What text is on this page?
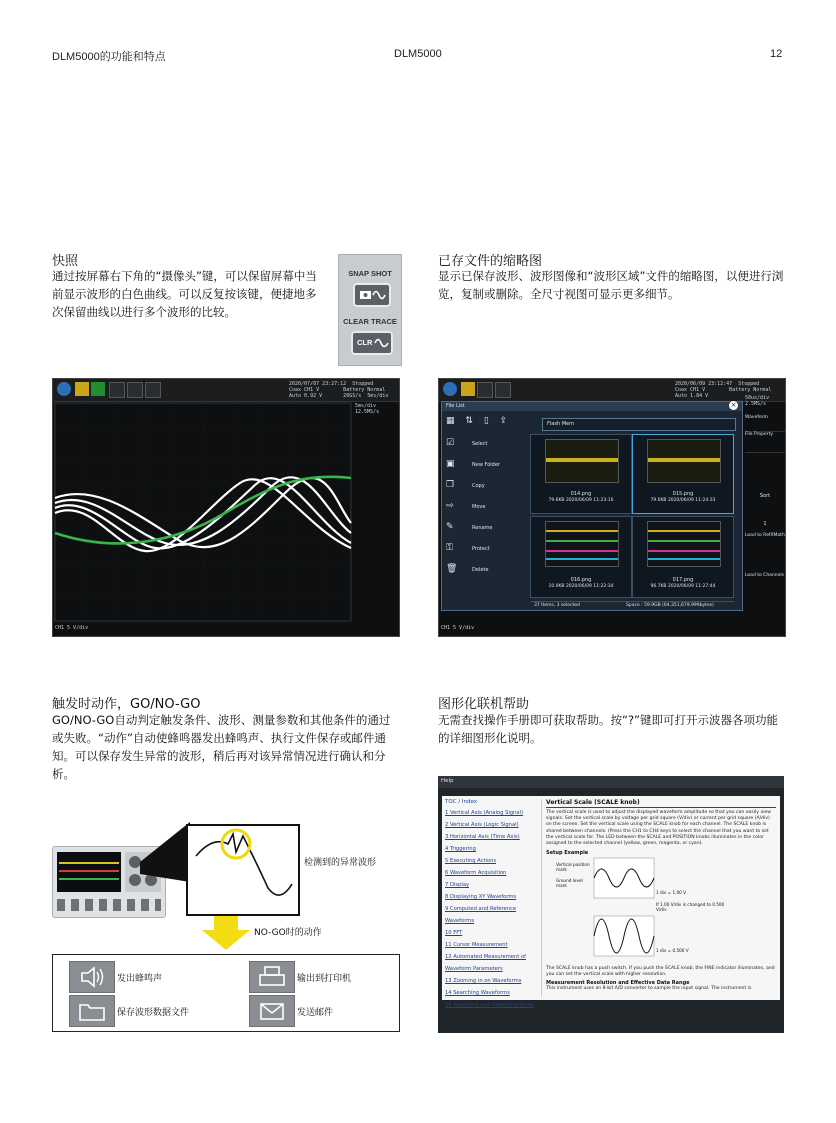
DLM5000的功能和特点	DLM5000	12
快照
通过按屏幕右下角的“摄像头”键，可以保留屏幕中当前显示波形的白色曲线。可以反复按该键，便捷地多次保留曲线以进行多个波形的比较。
SNAP SHOT
CLEAR TRACE
CLR
2020/07/07 23:27:12  Stopped
Coax CH1 V        Battery Normal
Auto 0.92 V       20GS/s  5ms/div
5ms/div
12.5MS/s
CH1 5 V/div
已存文件的缩略图
显示已保存波形、波形图像和“波形区域”文件的缩略图，以便进行浏览，复制或删除。全尺寸视图可显示更多细节。
2020/06/09 23:12:47  Stopped
Coax CH1 V        Battery Normal
Auto 1.84 V	50us/div
2.5MS/s
File List	×
▦ ⇅ ▯ ⇪	Flash Mem
☑	Select
▣	New Folder
❐	Copy
⇨	Move
✎	Rename
⚿	Protect
🗑	Delete
014.png
79.6KB 2020/06/09 11:23:16
015.png
79.6KB 2020/06/09 11:24:33
016.png
10.0KB 2020/06/09 11:22:34
017.png
96.7KB 2020/06/09 11:27:44
37 Items, 3 selected	Space : 59.9GB (64,351,679,999bytes)
Waveform
File Property
Sort
1
Load to RefXMath
Load to Channels
CH1 5 V/div
触发时动作，GO/NO-GO
GO/NO-GO自动判定触发条件、波形、测量参数和其他条件的通过或失败。“动作”自动使蜂鸣器发出蜂鸣声、执行文件保存或邮件通知。可以保存发生异常的波形，稍后再对该异常情况进行确认和分析。
检测到的异常波形
NO-GO时的动作
发出蜂鸣声	输出到打印机
保存波形数据文件	发送邮件
图形化联机帮助
无需查找操作手册即可获取帮助。按“?”键即可打开示波器各项功能的详细图形化说明。
Help
TOC / Index
1 Vertical Axis (Analog Signal)
2 Vertical Axis (Logic Signal)
3 Horizontal Axis (Time Axis)
4 Triggering
5 Executing Actions
6 Waveform Acquisition
7 Display
8 Displaying XY Waveforms
9 Computed and Reference Waveforms
10 FFT
11 Cursor Measurement
12 Automated Measurement of Waveform Parameters
13 Zooming in on Waveforms
14 Searching Waveforms
15 Analyzing and Searching Serial
Vertical Scale (SCALE knob)
The vertical scale is used to adjust the displayed waveform amplitude so that you can easily view signals. Set the vertical scale by voltage per grid square (V/div) or current per grid square (A/div) on the screen. Set the vertical scale using the SCALE knob for each channel. The SCALE knob is shared between channels. (Press the CH1 to CH4 keys to select the channel that you want to set the vertical scale for. The LED between the SCALE and POSITION knobs illuminates in the color assigned to the selected channel (yellow, green, magenta, or cyan).
Setup Example
Vertical position mark
Ground level mark
1 div = 1.00 V
If 1.00 V/div is changed to 0.500 V/div
1 div = 0.500 V
The SCALE knob has a push switch. If you push the SCALE knob, the FINE indicator illuminates, and you can set the vertical scale with higher resolution.
Measurement Resolution and Effective Data Range
This instrument uses an 8-bit A/D converter to sample the input signal. The instrument is
